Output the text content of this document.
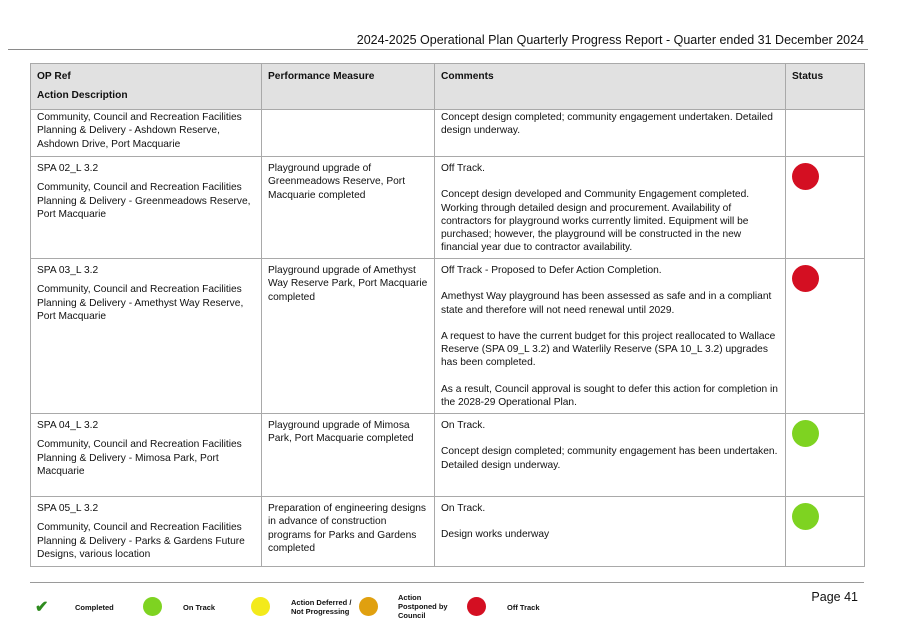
2024-2025 Operational Plan Quarterly Progress Report - Quarter ended 31 December 2024
OP Ref
Action Description	Performance Measure	Comments	Status

Community, Council and Recreation Facilities Planning & Delivery - Ashdown Reserve, Ashdown Drive, Port Macquarie		Concept design completed; community engagement undertaken. Detailed design underway.	

SPA 02_L 3.2
Community, Council and Recreation Facilities Planning & Delivery - Greenmeadows Reserve, Port Macquarie	Playground upgrade of Greenmeadows Reserve, Port Macquarie completed	Off Track.
Concept design developed and Community Engagement completed. Working through detailed design and procurement. Availability of contractors for playground works currently limited. Equipment will be purchased; however, the playground will be constructed in the new financial year due to contractor availability.	

SPA 03_L 3.2
Community, Council and Recreation Facilities Planning & Delivery - Amethyst Way Reserve, Port Macquarie	Playground upgrade of Amethyst Way Reserve Park, Port Macquarie completed	Off Track - Proposed to Defer Action Completion.
Amethyst Way playground has been assessed as safe and in a compliant state and therefore will not need renewal until 2029.
A request to have the current budget for this project reallocated to Wallace Reserve (SPA 09_L 3.2) and Waterlily Reserve (SPA 10_L 3.2) upgrades has been completed.
As a result, Council approval is sought to defer this action for completion in the 2028-29 Operational Plan.	

SPA 04_L 3.2
Community, Council and Recreation Facilities Planning & Delivery - Mimosa Park, Port Macquarie	Playground upgrade of Mimosa Park, Port Macquarie completed	On Track.
Concept design completed; community engagement has been undertaken. Detailed design underway.	

SPA 05_L 3.2
Community, Council and Recreation Facilities Planning & Delivery - Parks & Gardens Future Designs, various location	Preparation of engineering designs in advance of construction programs for Parks and Gardens completed	On Track.
Design works underway	

Page 41
✔	Completed	On Track
Action Deferred /
Not Progressing
Action
Postponed by
Council
Off Track
